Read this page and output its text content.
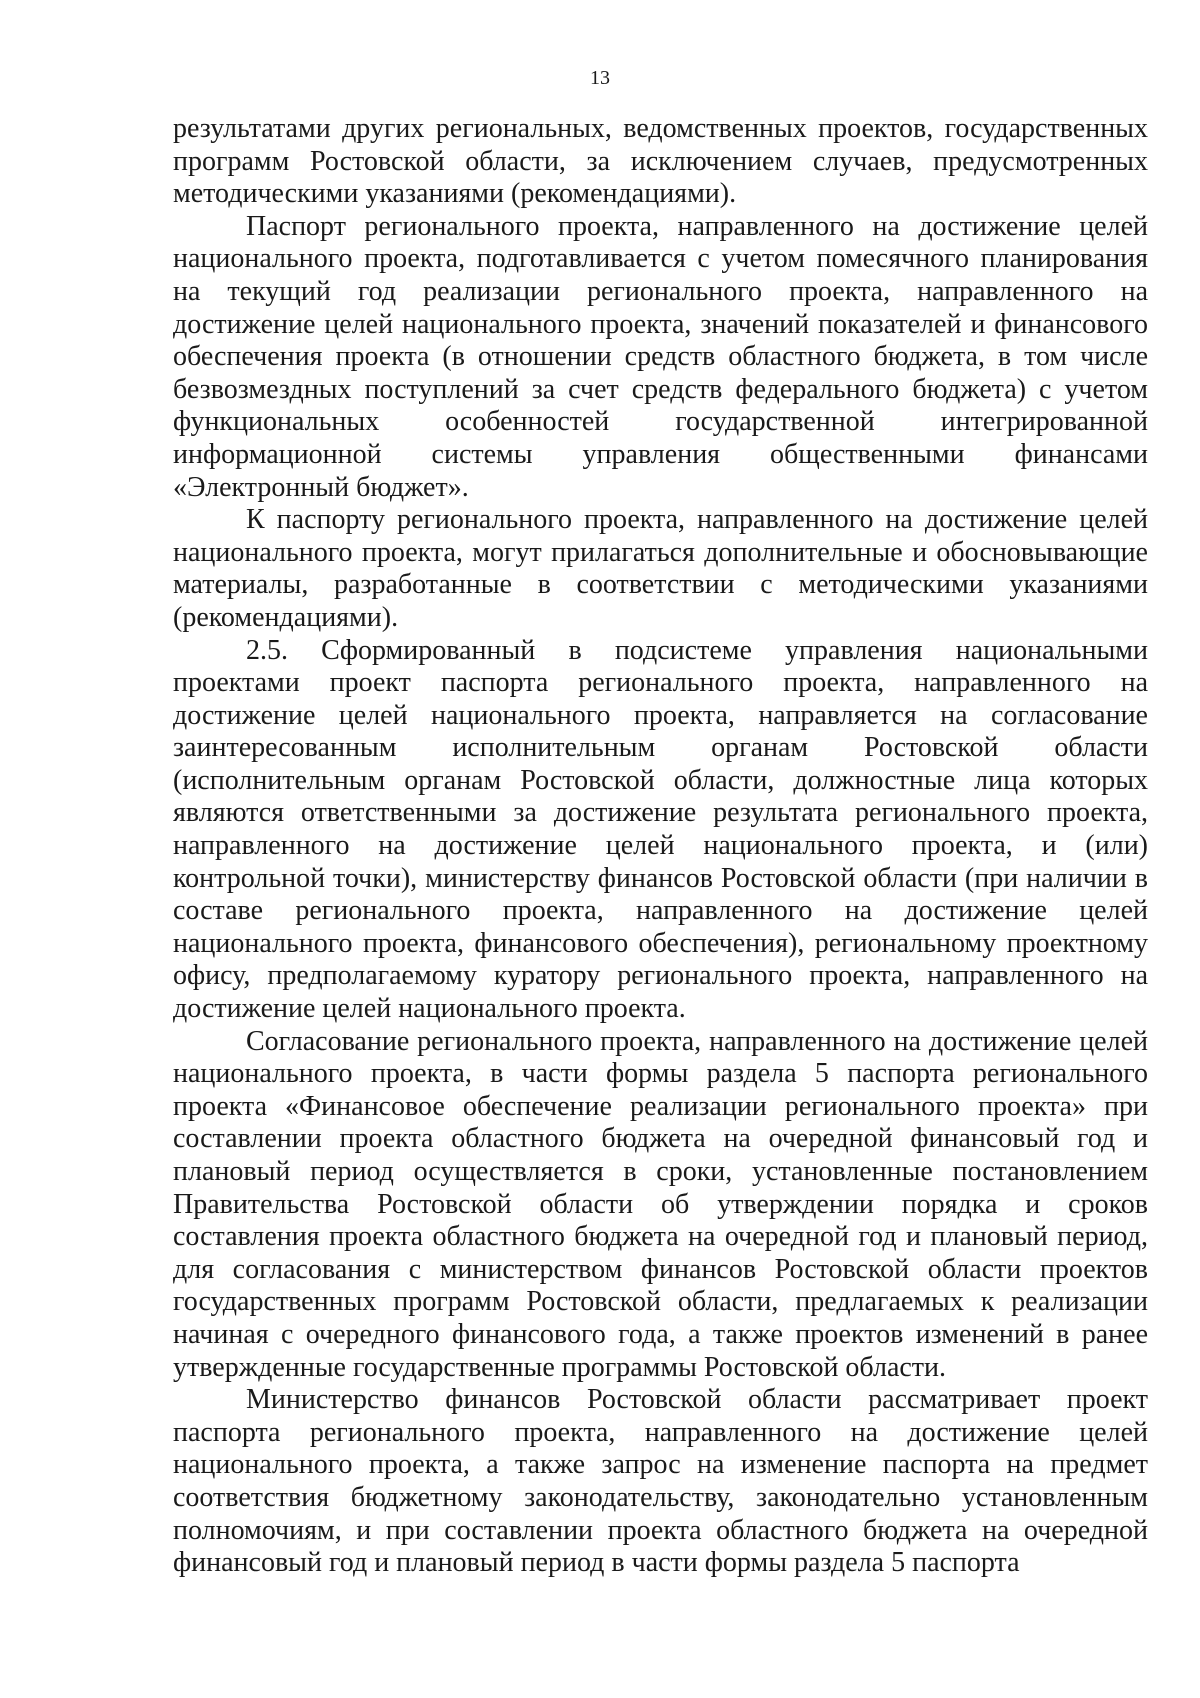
13

результатами других региональных, ведомственных проектов, государственных программ Ростовской области, за исключением случаев, предусмотренных методическими указаниями (рекомендациями).

Паспорт регионального проекта, направленного на достижение целей национального проекта, подготавливается с учетом помесячного планирования на текущий год реализации регионального проекта, направленного на достижение целей национального проекта, значений показателей и финансового обеспечения проекта (в отношении средств областного бюджета, в том числе безвозмездных поступлений за счет средств федерального бюджета) с учетом функциональных особенностей государственной интегрированной информационной системы управления общественными финансами «Электронный бюджет».

К паспорту регионального проекта, направленного на достижение целей национального проекта, могут прилагаться дополнительные и обосновывающие материалы, разработанные в соответствии с методическими указаниями (рекомендациями).

2.5. Сформированный в подсистеме управления национальными проектами проект паспорта регионального проекта, направленного на достижение целей национального проекта, направляется на согласование заинтересованным исполнительным органам Ростовской области (исполнительным органам Ростовской области, должностные лица которых являются ответственными за достижение результата регионального проекта, направленного на достижение целей национального проекта, и (или) контрольной точки), министерству финансов Ростовской области (при наличии в составе регионального проекта, направленного на достижение целей национального проекта, финансового обеспечения), региональному проектному офису, предполагаемому куратору регионального проекта, направленного на достижение целей национального проекта.

Согласование регионального проекта, направленного на достижение целей национального проекта, в части формы раздела 5 паспорта регионального проекта «Финансовое обеспечение реализации регионального проекта» при составлении проекта областного бюджета на очередной финансовый год и плановый период осуществляется в сроки, установленные постановлением Правительства Ростовской области об утверждении порядка и сроков составления проекта областного бюджета на очередной год и плановый период, для согласования с министерством финансов Ростовской области проектов государственных программ Ростовской области, предлагаемых к реализации начиная с очередного финансового года, а также проектов изменений в ранее утвержденные государственные программы Ростовской области.

Министерство финансов Ростовской области рассматривает проект паспорта регионального проекта, направленного на достижение целей национального проекта, а также запрос на изменение паспорта на предмет соответствия бюджетному законодательству, законодательно установленным полномочиям, и при составлении проекта областного бюджета на очередной финансовый год и плановый период в части формы раздела 5 паспорта
